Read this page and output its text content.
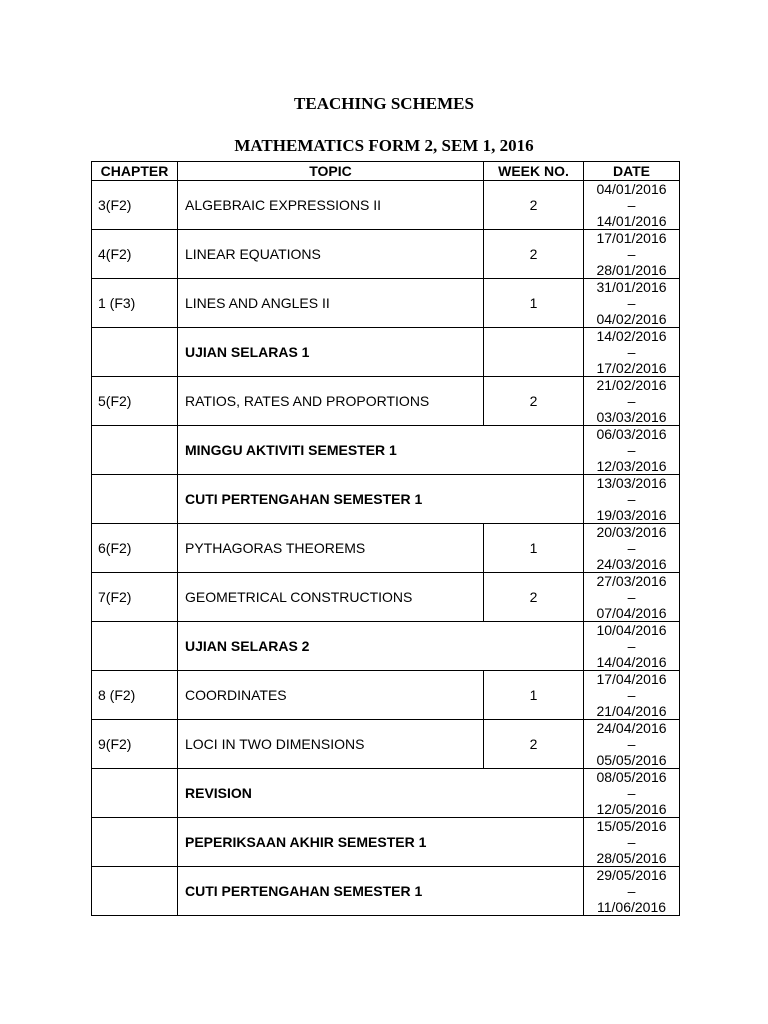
TEACHING SCHEMES
MATHEMATICS FORM 2, SEM 1, 2016
CHAPTER	TOPIC	WEEK NO.	DATE
3(F2)	ALGEBRAIC EXPRESSIONS II	2	04/01/2016
–
14/01/2016

4(F2)	LINEAR EQUATIONS	2	17/01/2016
–
28/01/2016

1 (F3)	LINES AND ANGLES II	1	31/01/2016
–
04/02/2016

	UJIAN SELARAS 1		14/02/2016
–
17/02/2016

5(F2)	RATIOS, RATES AND PROPORTIONS	2	21/02/2016
–
03/03/2016

	MINGGU AKTIVITI SEMESTER 1		06/03/2016
–
12/03/2016

	CUTI PERTENGAHAN SEMESTER 1		13/03/2016
–
19/03/2016

6(F2)	PYTHAGORAS THEOREMS	1	20/03/2016
–
24/03/2016

7(F2)	GEOMETRICAL CONSTRUCTIONS	2	27/03/2016
–
07/04/2016

	UJIAN SELARAS 2		10/04/2016
–
14/04/2016

8 (F2)	COORDINATES	1	17/04/2016
–
21/04/2016

9(F2)	LOCI IN TWO DIMENSIONS	2	24/04/2016
–
05/05/2016

	REVISION		08/05/2016
–
12/05/2016

	PEPERIKSAAN AKHIR SEMESTER 1		15/05/2016
–
28/05/2016

	CUTI PERTENGAHAN SEMESTER 1		29/05/2016
–
11/06/2016
